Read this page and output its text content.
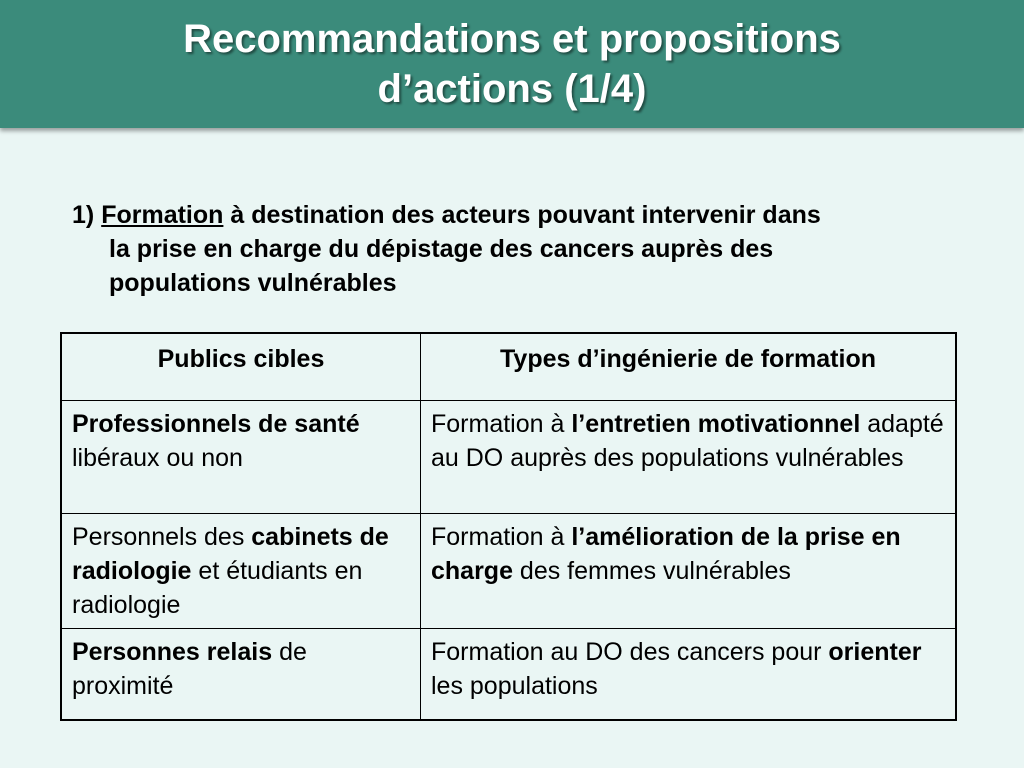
Recommandations et propositions
d’actions (1/4)
1) Formation à destination des acteurs pouvant intervenir dans
la prise en charge du dépistage des cancers auprès des
populations vulnérables
Publics cibles	Types d’ingénierie de formation
Professionnels de santé libéraux ou non	Formation à l’entretien motivationnel adapté au DO auprès des populations vulnérables
Personnels des cabinets de radiologie et étudiants en radiologie	Formation à l’amélioration de la prise en charge des femmes vulnérables
Personnes relais de proximité	Formation au DO des cancers pour orienter les populations
